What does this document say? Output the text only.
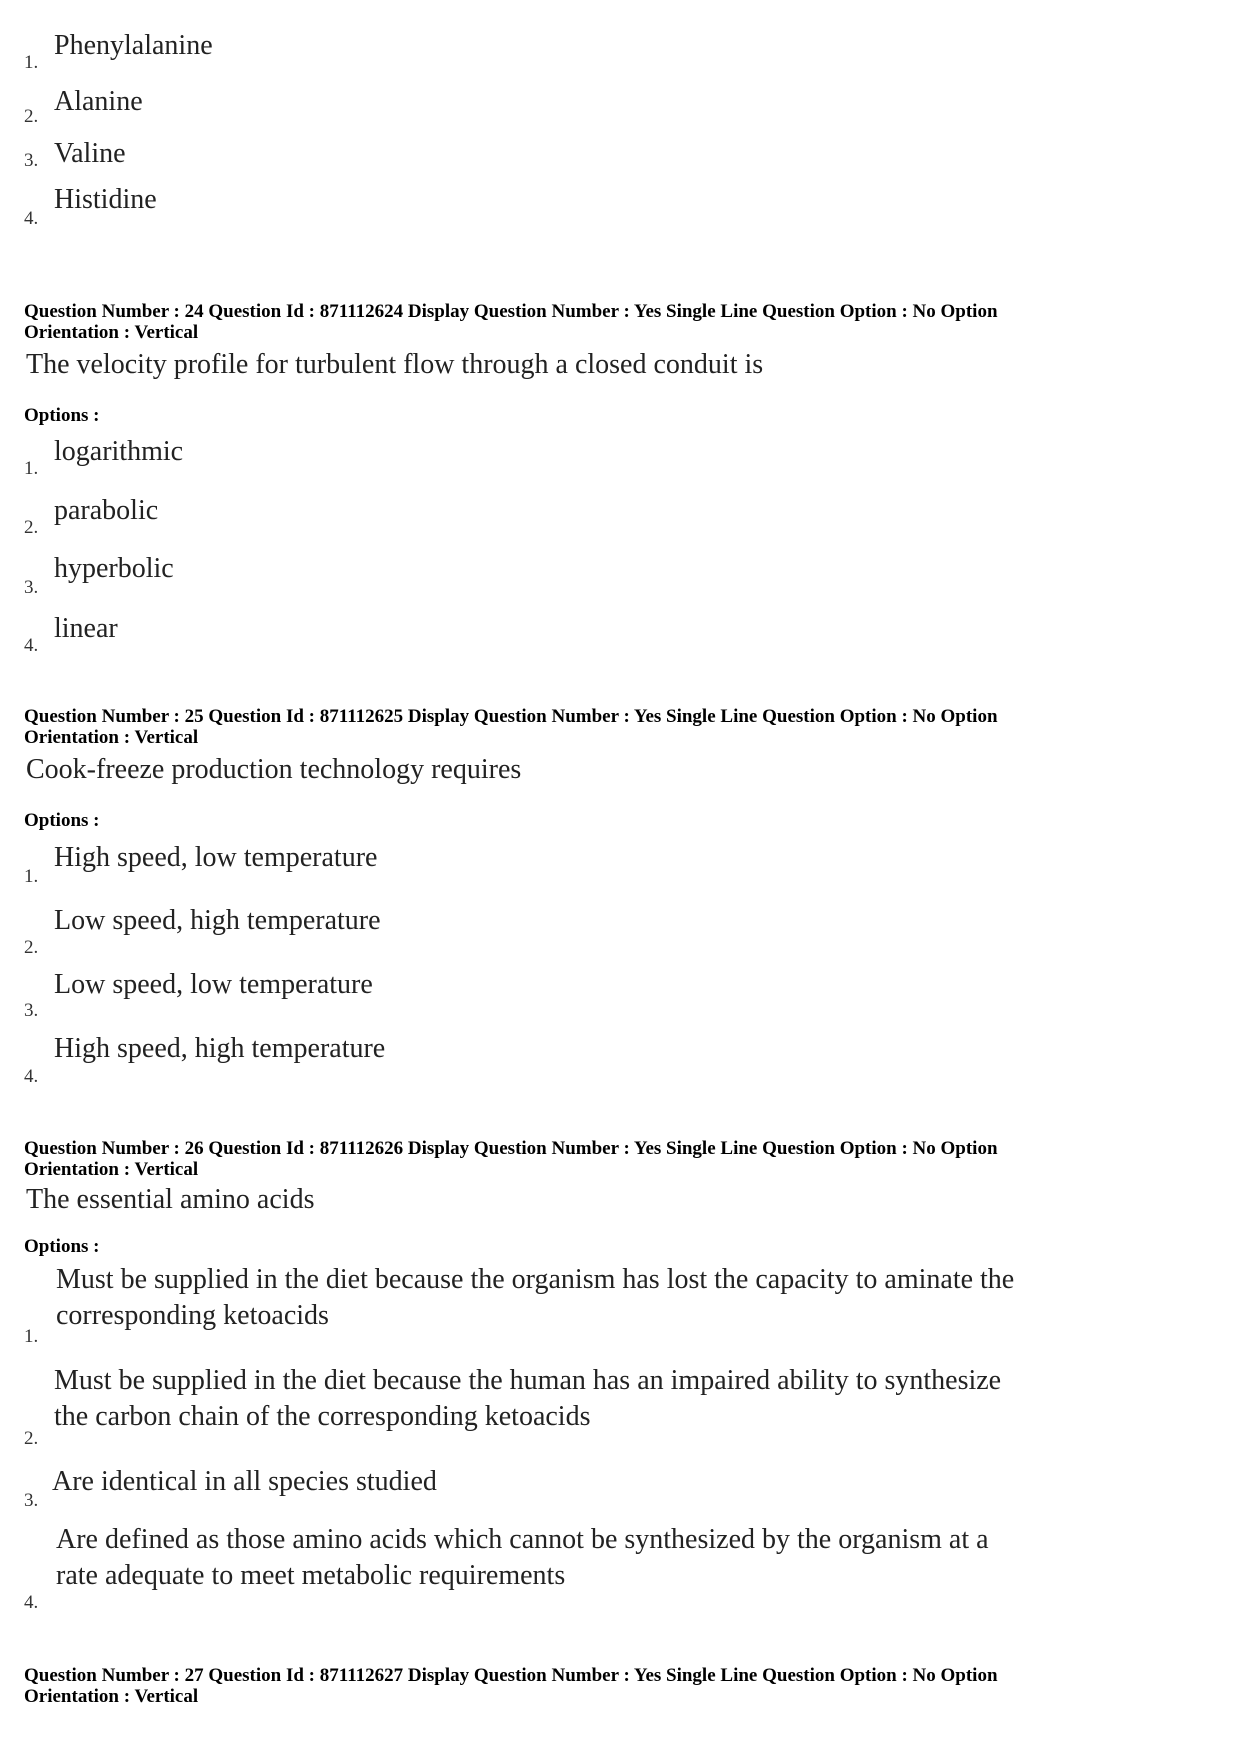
1.
Phenylalanine
2. Alanine
3. Valine
4.
Histidine
Question Number : 24 Question Id : 871112624 Display Question Number : Yes Single Line Question Option : No Option
Orientation : Vertical
The velocity profile for turbulent flow through a closed conduit is
Options :
1.
logarithmic
2.
parabolic
3.
hyperbolic
4.
linear
Question Number : 25 Question Id : 871112625 Display Question Number : Yes Single Line Question Option : No Option
Orientation : Vertical
Cook-freeze production technology requires
Options :
1.
High speed, low temperature
2.
Low speed, high temperature
3.
Low speed, low temperature
4.
High speed, high temperature
Question Number : 26 Question Id : 871112626 Display Question Number : Yes Single Line Question Option : No Option
Orientation : Vertical
The essential amino acids
Options :
1.
Must be supplied in the diet because the organism has lost the capacity to aminate the
corresponding ketoacids
2.
Must be supplied in the diet because the human has an impaired ability to synthesize
the carbon chain of the corresponding ketoacids
3.
Are identical in all species studied
4.
Are defined as those amino acids which cannot be synthesized by the organism at a
rate adequate to meet metabolic requirements
Question Number : 27 Question Id : 871112627 Display Question Number : Yes Single Line Question Option : No Option
Orientation : Vertical
